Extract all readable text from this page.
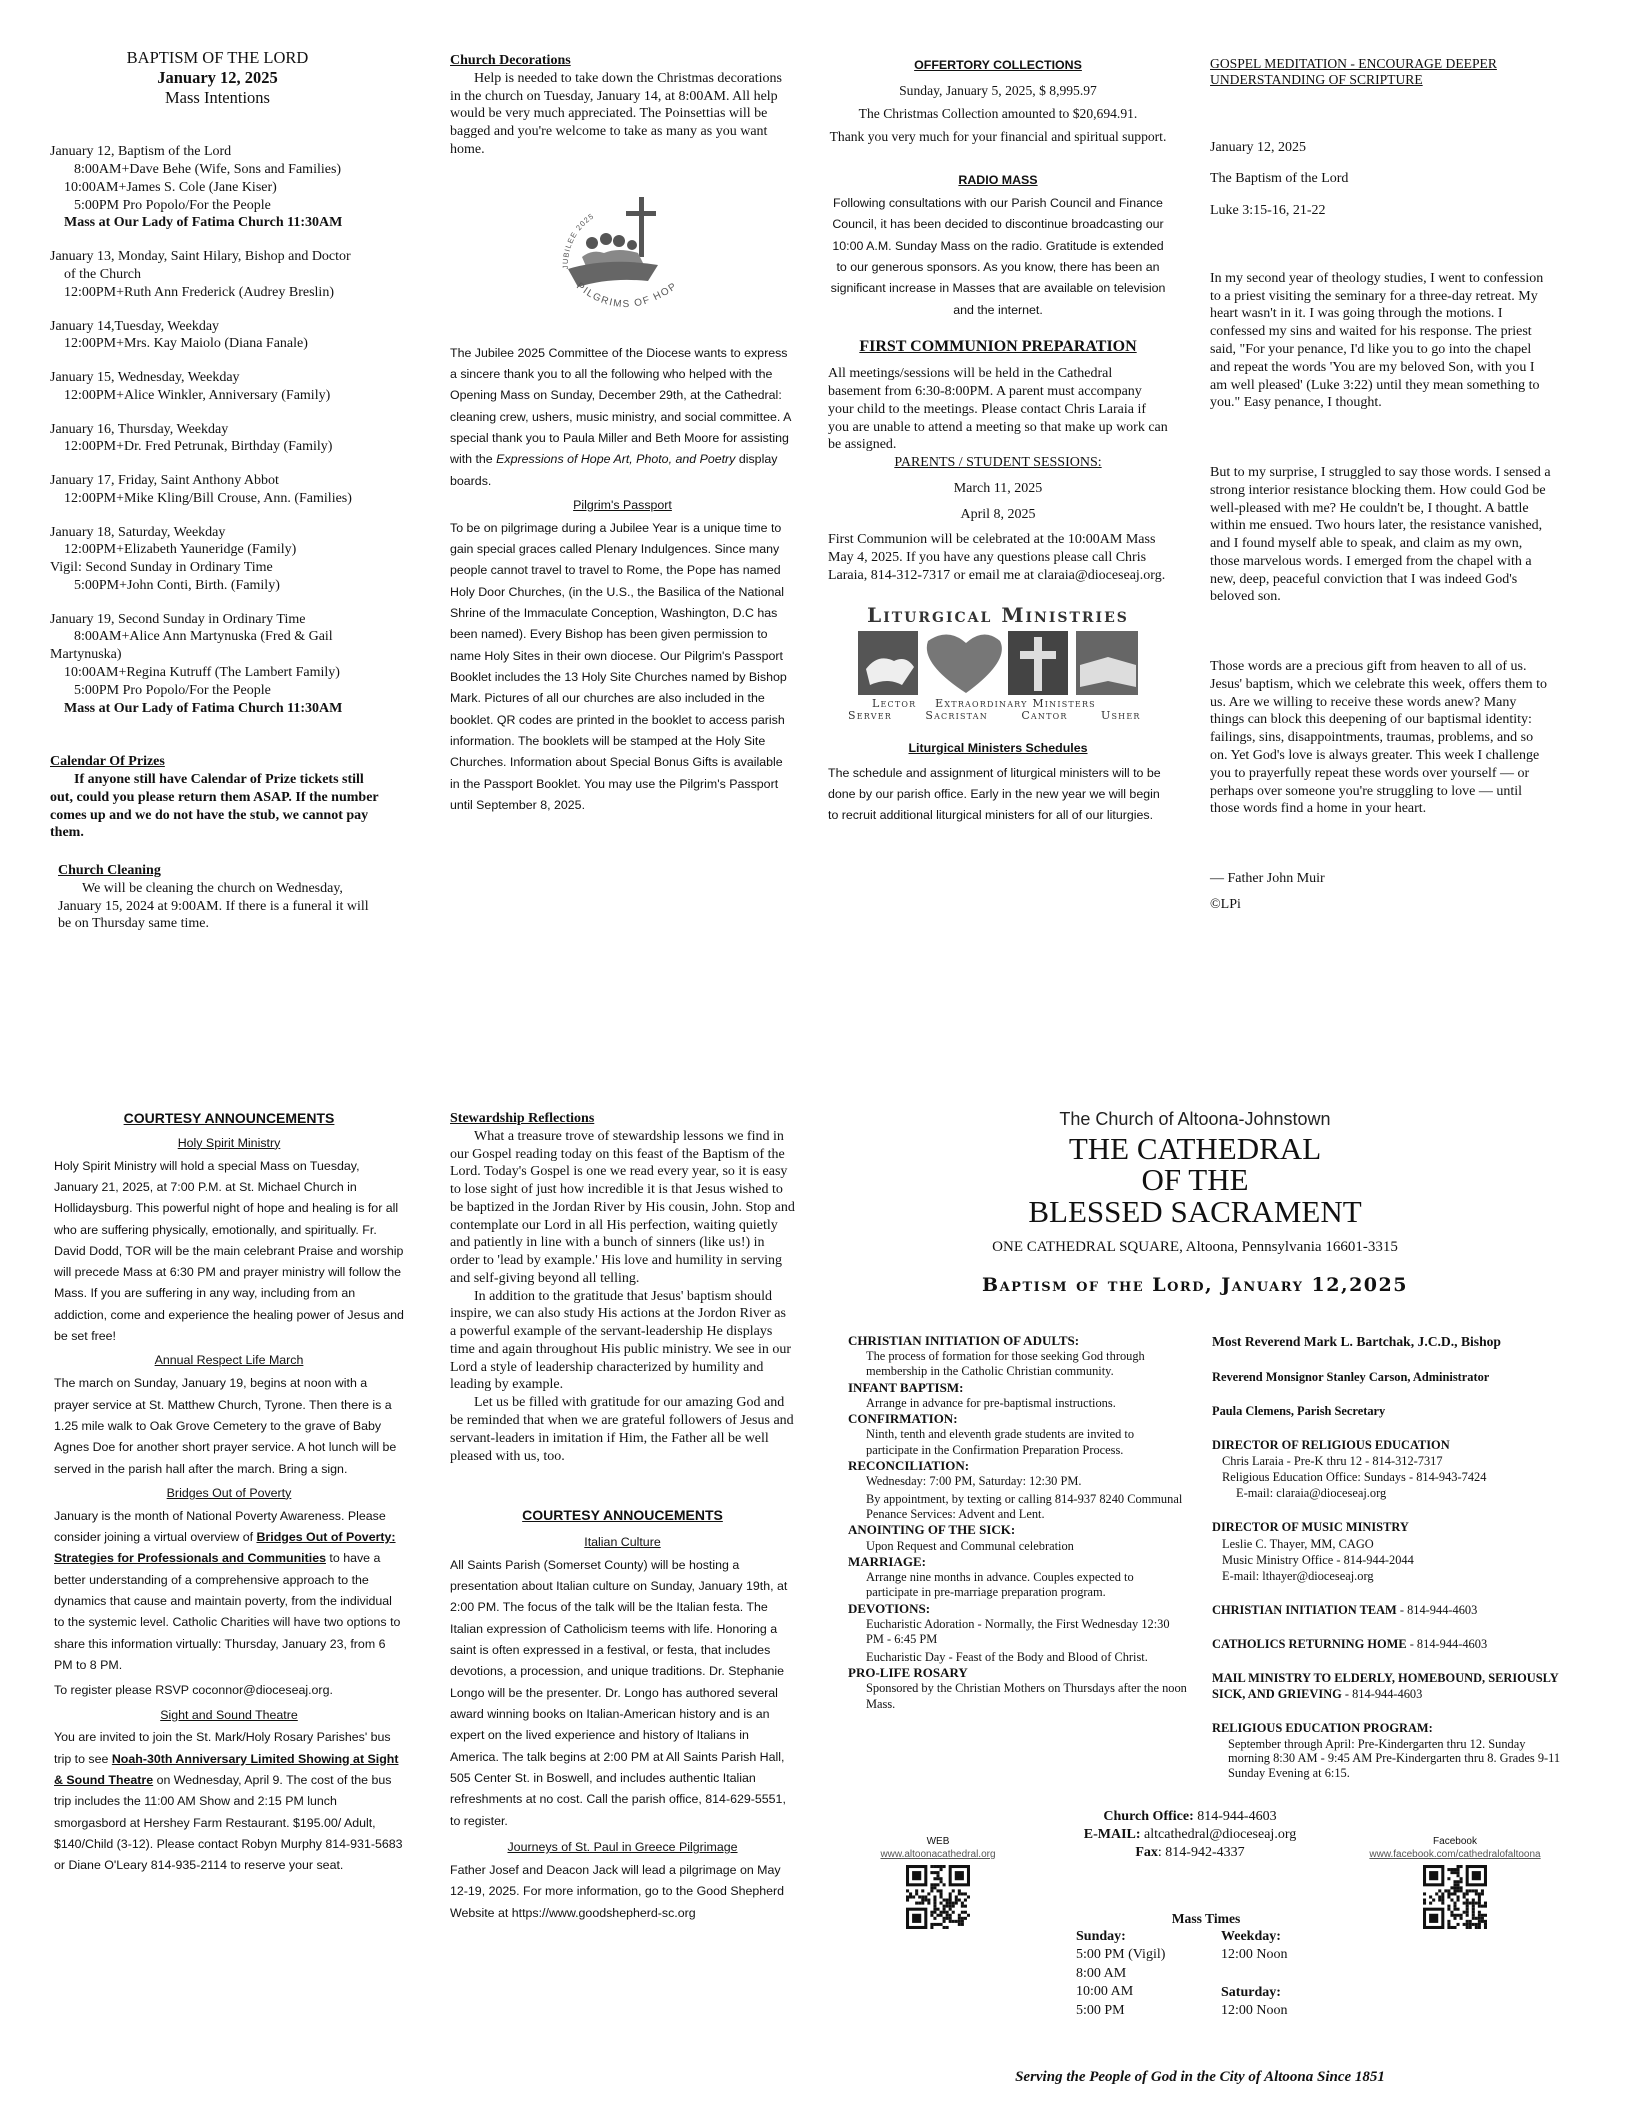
BAPTISM OF THE LORD
January 12, 2025
Mass Intentions
January 12, Baptism of the Lord
8:00AM+Dave Behe (Wife, Sons and Families)
10:00AM+James S. Cole (Jane Kiser)
5:00PM Pro Popolo/For the People
Mass at Our Lady of Fatima Church 11:30AM
January 13, Monday, Saint Hilary, Bishop and Doctor
of the Church
12:00PM+Ruth Ann Frederick (Audrey Breslin)
January 14,Tuesday, Weekday
12:00PM+Mrs. Kay Maiolo (Diana Fanale)
January 15, Wednesday, Weekday
12:00PM+Alice Winkler, Anniversary (Family)
January 16, Thursday, Weekday
12:00PM+Dr. Fred Petrunak, Birthday (Family)
January 17, Friday, Saint Anthony Abbot
12:00PM+Mike Kling/Bill Crouse, Ann. (Families)
January 18, Saturday, Weekday
12:00PM+Elizabeth Yauneridge (Family)
Vigil: Second Sunday in Ordinary Time
5:00PM+John Conti, Birth. (Family)
January 19, Second Sunday in Ordinary Time
8:00AM+Alice Ann Martynuska (Fred & Gail
Martynuska)
10:00AM+Regina Kutruff (The Lambert Family)
5:00PM Pro Popolo/For the People
Mass at Our Lady of Fatima Church 11:30AM
Calendar Of Prizes

If anyone still have Calendar of Prize tickets still out, could you please return them ASAP. If the number comes up and we do not have the stub, we cannot pay them.

Church Cleaning

We will be cleaning the church on Wednesday, January 15, 2024 at 9:00AM. If there is a funeral it will be on Thursday same time.

Church Decorations

Help is needed to take down the Christmas decorations in the church on Tuesday, January 14, at 8:00AM. All help would be very much appreciated. The Poinsettias will be bagged and you're welcome to take as many as you want home.

JUBILEE 2025
PILGRIMS OF HOP

The Jubilee 2025 Committee of the Diocese wants to express a sincere thank you to all the following who helped with the Opening Mass on Sunday, December 29th, at the Cathedral: cleaning crew, ushers, music ministry, and social committee. A special thank you to Paula Miller and Beth Moore for assisting with the Expressions of Hope Art, Photo, and Poetry display boards.

Pilgrim's Passport

To be on pilgrimage during a Jubilee Year is a unique time to gain special graces called Plenary Indulgences. Since many people cannot travel to travel to Rome, the Pope has named Holy Door Churches, (in the U.S., the Basilica of the National Shrine of the Immaculate Conception, Washington, D.C has been named). Every Bishop has been given permission to name Holy Sites in their own diocese. Our Pilgrim's Passport Booklet includes the 13 Holy Site Churches named by Bishop Mark. Pictures of all our churches are also included in the booklet. QR codes are printed in the booklet to access parish information. The booklets will be stamped at the Holy Site Churches. Information about Special Bonus Gifts is available in the Passport Booklet. You may use the Pilgrim's Passport until September 8, 2025.

OFFERTORY COLLECTIONS
Sunday, January 5, 2025, $ 8,995.97
The Christmas Collection amounted to $20,694.91.
Thank you very much for your financial and spiritual support.
RADIO MASS

Following consultations with our Parish Council and Finance Council, it has been decided to discontinue broadcasting our 10:00 A.M. Sunday Mass on the radio. Gratitude is extended to our generous sponsors. As you know, there has been an significant increase in Masses that are available on television and the internet.

FIRST COMMUNION PREPARATION

All meetings/sessions will be held in the Cathedral basement from 6:30-8:00PM. A parent must accompany your child to the meetings. Please contact Chris Laraia if you are unable to attend a meeting so that make up work can be assigned.

PARENTS / STUDENT SESSIONS:
March 11, 2025
April 8, 2025

First Communion will be celebrated at the 10:00AM Mass May 4, 2025. If you have any questions please call Chris Laraia, 814-312-7317 or email me at claraia@dioceseaj.org.

Liturgical Ministries
Lector    Extraordinary Ministers
Server  Sacristan  Cantor  Usher
Liturgical Ministers Schedules

The schedule and assignment of liturgical ministers will to be done by our parish office. Early in the new year we will begin to recruit additional liturgical ministers for all of our liturgies.

GOSPEL MEDITATION - ENCOURAGE DEEPER UNDERSTANDING OF SCRIPTURE
January 12, 2025
The Baptism of the Lord
Luke 3:15-16, 21-22

In my second year of theology studies, I went to confession to a priest visiting the seminary for a three-day retreat. My heart wasn't in it. I was going through the motions. I confessed my sins and waited for his response. The priest said, "For your penance, I'd like you to go into the chapel and repeat the words 'You are my beloved Son, with you I am well pleased' (Luke 3:22) until they mean something to you." Easy penance, I thought.

But to my surprise, I struggled to say those words. I sensed a strong interior resistance blocking them. How could God be well-pleased with me? He couldn't be, I thought. A battle within me ensued. Two hours later, the resistance vanished, and I found myself able to speak, and claim as my own, those marvelous words. I emerged from the chapel with a new, deep, peaceful conviction that I was indeed God's beloved son.

Those words are a precious gift from heaven to all of us. Jesus' baptism, which we celebrate this week, offers them to us. Are we willing to receive these words anew? Many things can block this deepening of our baptismal identity: failings, sins, disappointments, traumas, problems, and so on. Yet God's love is always greater. This week I challenge you to prayerfully repeat these words over yourself — or perhaps over someone you're struggling to love — until those words find a home in your heart.

— Father John Muir
©LPi
COURTESY ANNOUNCEMENTS
Holy Spirit Ministry

Holy Spirit Ministry will hold a special Mass on Tuesday, January 21, 2025, at 7:00 P.M. at St. Michael Church in Hollidaysburg. This powerful night of hope and healing is for all who are suffering physically, emotionally, and spiritually. Fr. David Dodd, TOR will be the main celebrant Praise and worship will precede Mass at 6:30 PM and prayer ministry will follow the Mass. If you are suffering in any way, including from an addiction, come and experience the healing power of Jesus and be set free!

Annual Respect Life March

The march on Sunday, January 19, begins at noon with a prayer service at St. Matthew Church, Tyrone. Then there is a 1.25 mile walk to Oak Grove Cemetery to the grave of Baby Agnes Doe for another short prayer service. A hot lunch will be served in the parish hall after the march. Bring a sign.

Bridges Out of Poverty

January is the month of National Poverty Awareness. Please consider joining a virtual overview of Bridges Out of Poverty: Strategies for Professionals and Communities to have a better understanding of a comprehensive approach to the dynamics that cause and maintain poverty, from the individual to the systemic level. Catholic Charities will have two options to share this information virtually: Thursday, January 23, from 6 PM to 8 PM.

To register please RSVP coconnor@dioceseaj.org.

Sight and Sound Theatre

You are invited to join the St. Mark/Holy Rosary Parishes' bus trip to see Noah-30th Anniversary Limited Showing at Sight & Sound Theatre on Wednesday, April 9. The cost of the bus trip includes the 11:00 AM Show and 2:15 PM lunch smorgasbord at Hershey Farm Restaurant. $195.00/ Adult, $140/Child (3-12). Please contact Robyn Murphy 814-931-5683 or Diane O'Leary 814-935-2114 to reserve your seat.

Stewardship Reflections

What a treasure trove of stewardship lessons we find in our Gospel reading today on this feast of the Baptism of the Lord. Today's Gospel is one we read every year, so it is easy to lose sight of just how incredible it is that Jesus wished to be baptized in the Jordan River by His cousin, John. Stop and contemplate our Lord in all His perfection, waiting quietly and patiently in line with a bunch of sinners (like us!) in order to 'lead by example.' His love and humility in serving and self-giving beyond all telling.

In addition to the gratitude that Jesus' baptism should inspire, we can also study His actions at the Jordon River as a powerful example of the servant-leadership He displays time and again throughout His public ministry. We see in our Lord a style of leadership characterized by humility and leading by example.

Let us be filled with gratitude for our amazing God and be reminded that when we are grateful followers of Jesus and servant-leaders in imitation if Him, the Father all be well pleased with us, too.

COURTESY ANNOUCEMENTS
Italian Culture

All Saints Parish (Somerset County) will be hosting a presentation about Italian culture on Sunday, January 19th, at 2:00 PM. The focus of the talk will be the Italian festa. The Italian expression of Catholicism teems with life. Honoring a saint is often expressed in a festival, or festa, that includes devotions, a procession, and unique traditions. Dr. Stephanie Longo will be the presenter. Dr. Longo has authored several award winning books on Italian-American history and is an expert on the lived experience and history of Italians in America. The talk begins at 2:00 PM at All Saints Parish Hall, 505 Center St. in Boswell, and includes authentic Italian refreshments at no cost. Call the parish office, 814-629-5551, to register.

Journeys of St. Paul in Greece Pilgrimage

Father Josef and Deacon Jack will lead a pilgrimage on May 12-19, 2025. For more information, go to the Good Shepherd Website at https://www.goodshepherd-sc.org

The Church of Altoona-Johnstown
THE CATHEDRAL
OF THE
BLESSED SACRAMENT
ONE CATHEDRAL SQUARE, Altoona, Pennsylvania 16601-3315
Baptism of the Lord, January 12,2025
CHRISTIAN INITIATION OF ADULTS:
The process of formation for those seeking God through membership in the Catholic Christian community.
INFANT BAPTISM:
Arrange in advance for pre-baptismal instructions.
CONFIRMATION:
Ninth, tenth and eleventh grade students are invited to participate in the Confirmation Preparation Process.
RECONCILIATION:
Wednesday: 7:00 PM, Saturday: 12:30 PM.
By appointment, by texting or calling 814-937 8240 Communal Penance Services: Advent and Lent.
ANOINTING OF THE SICK:
Upon Request and Communal celebration
MARRIAGE:
Arrange nine months in advance. Couples expected to participate in pre-marriage preparation program.
DEVOTIONS:
Eucharistic Adoration - Normally, the First Wednesday 12:30 PM - 6:45 PM
Eucharistic Day - Feast of the Body and Blood of Christ.
PRO-LIFE ROSARY
Sponsored by the Christian Mothers on Thursdays after the noon Mass.
Most Reverend Mark L. Bartchak, J.C.D., Bishop
Reverend Monsignor Stanley Carson, Administrator
Paula Clemens, Parish Secretary
DIRECTOR OF RELIGIOUS EDUCATION
Chris Laraia - Pre-K thru 12 - 814-312-7317
Religious Education Office: Sundays - 814-943-7424
E-mail: claraia@dioceseaj.org
DIRECTOR OF MUSIC MINISTRY
Leslie C. Thayer, MM, CAGO
Music Ministry Office - 814-944-2044
E-mail: lthayer@dioceseaj.org
CHRISTIAN INITIATION TEAM - 814-944-4603
CATHOLICS RETURNING HOME - 814-944-4603
MAIL MINISTRY TO ELDERLY, HOMEBOUND, SERIOUSLY SICK, AND GRIEVING - 814-944-4603
RELIGIOUS EDUCATION PROGRAM:
September through April: Pre-Kindergarten thru 12. Sunday morning 8:30 AM - 9:45 AM Pre-Kindergarten thru 8. Grades 9-11 Sunday Evening at 6:15.
Church Office: 814-944-4603
E-MAIL: altcathedral@dioceseaj.org
Fax: 814-942-4337
WEB
www.altoonacathedral.org
Facebook
www.facebook.com/cathedralofaltoona
Mass Times
Sunday:
5:00 PM (Vigil)
8:00 AM
10:00 AM
5:00 PM
Weekday:
12:00 Noon
Saturday:
12:00 Noon
Serving the People of God in the City of Altoona Since 1851
